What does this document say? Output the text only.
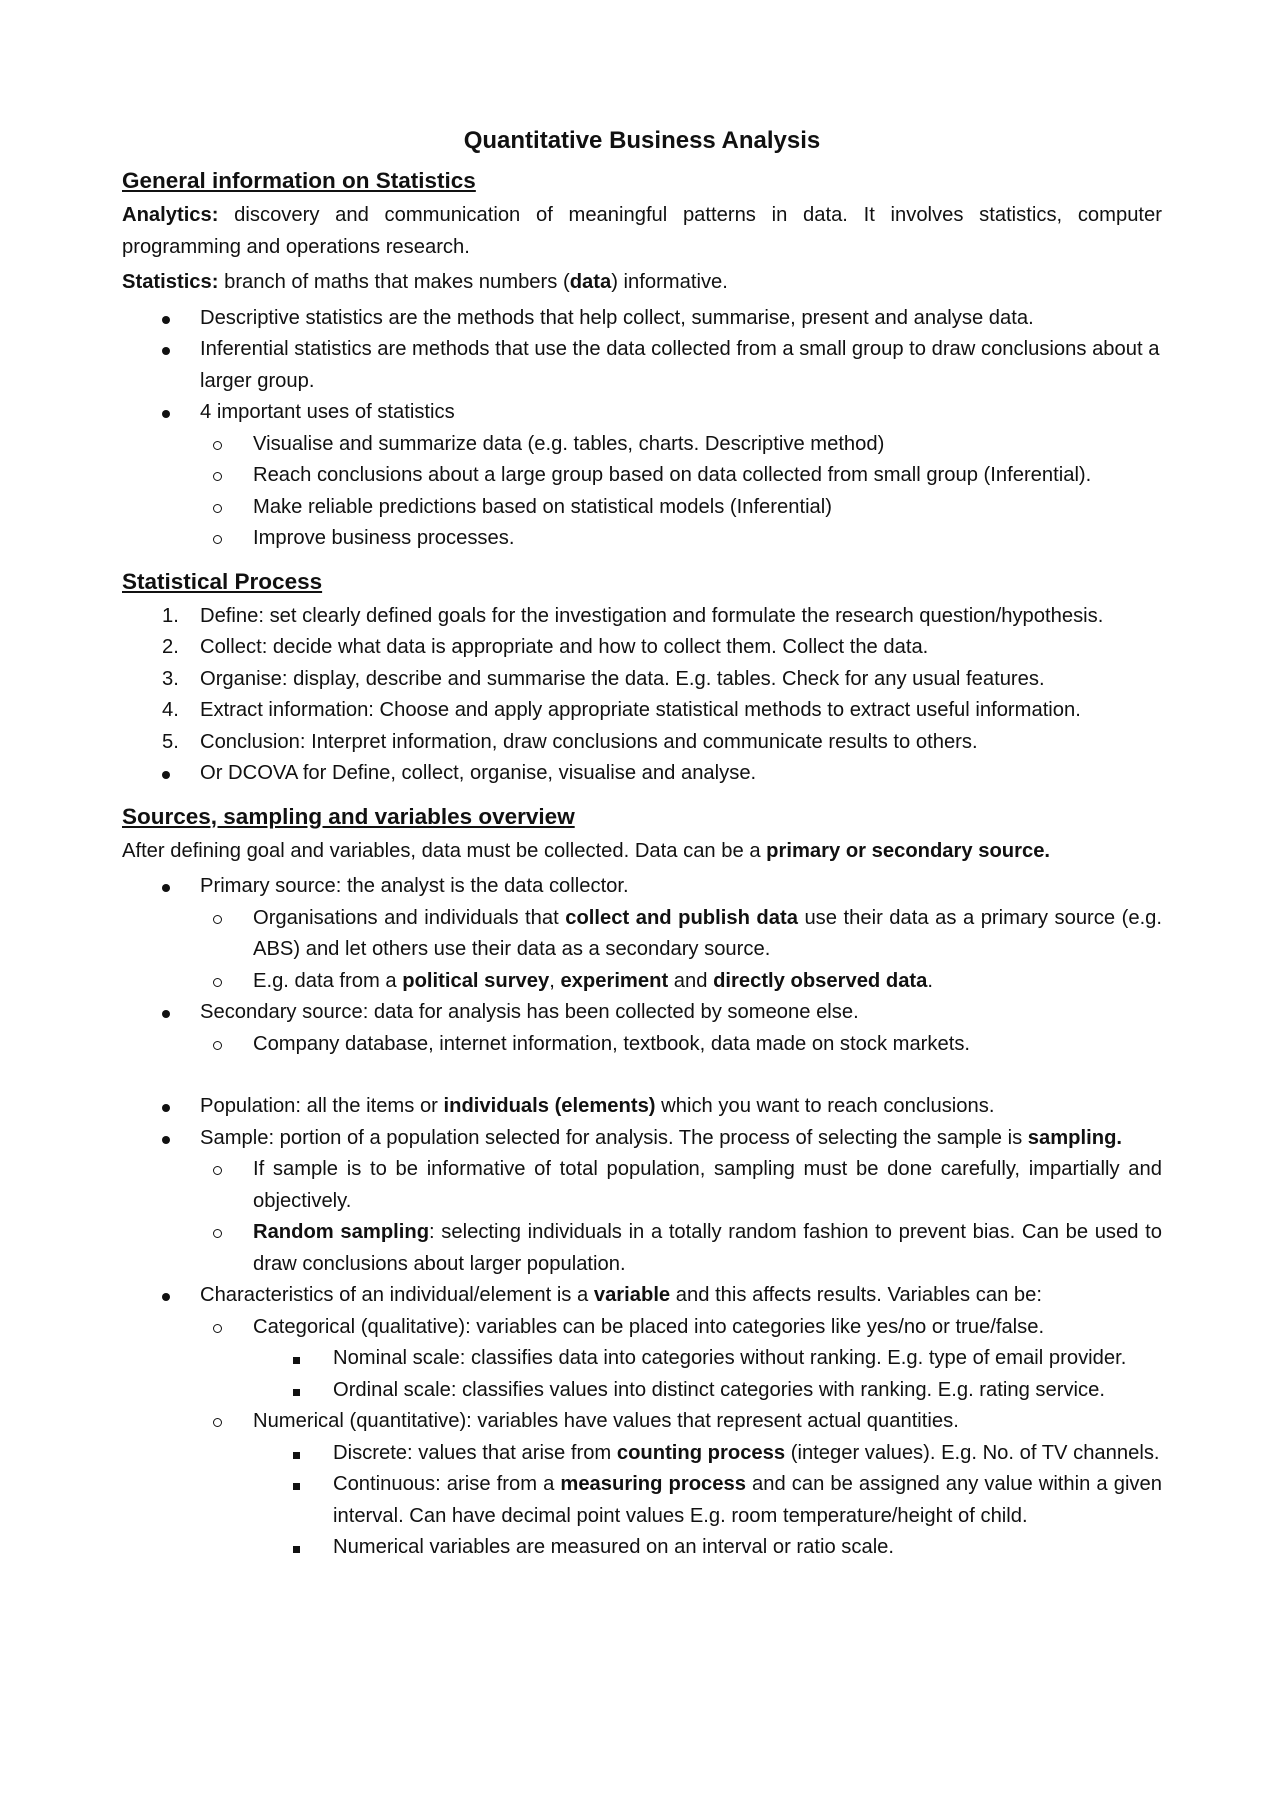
Quantitative Business Analysis
General information on Statistics

Analytics: discovery and communication of meaningful patterns in data. It involves statistics, computer programming and operations research.

Statistics: branch of maths that makes numbers (data) informative.

Descriptive statistics are the methods that help collect, summarise, present and analyse data.
Inferential statistics are methods that use the data collected from a small group to draw conclusions about a larger group.
4 important uses of statistics
Visualise and summarize data (e.g. tables, charts. Descriptive method)
Reach conclusions about a large group based on data collected from small group (Inferential).
Make reliable predictions based on statistical models (Inferential)
Improve business processes.
Statistical Process
1. Define: set clearly defined goals for the investigation and formulate the research question/hypothesis.
2. Collect: decide what data is appropriate and how to collect them. Collect the data.
3. Organise: display, describe and summarise the data. E.g. tables. Check for any usual features.
4. Extract information: Choose and apply appropriate statistical methods to extract useful information.
5. Conclusion: Interpret information, draw conclusions and communicate results to others.
Or DCOVA for Define, collect, organise, visualise and analyse.
Sources, sampling and variables overview

After defining goal and variables, data must be collected. Data can be a primary or secondary source.

Primary source: the analyst is the data collector.
Organisations and individuals that collect and publish data use their data as a primary source (e.g. ABS) and let others use their data as a secondary source.
E.g. data from a political survey, experiment and directly observed data.
Secondary source: data for analysis has been collected by someone else.
Company database, internet information, textbook, data made on stock markets.
Population: all the items or individuals (elements) which you want to reach conclusions.
Sample: portion of a population selected for analysis. The process of selecting the sample is sampling.
If sample is to be informative of total population, sampling must be done carefully, impartially and objectively.
Random sampling: selecting individuals in a totally random fashion to prevent bias. Can be used to draw conclusions about larger population.
Characteristics of an individual/element is a variable and this affects results. Variables can be:
Categorical (qualitative): variables can be placed into categories like yes/no or true/false.
Nominal scale: classifies data into categories without ranking. E.g. type of email provider.
Ordinal scale: classifies values into distinct categories with ranking. E.g. rating service.
Numerical (quantitative): variables have values that represent actual quantities.
Discrete: values that arise from counting process (integer values). E.g. No. of TV channels.
Continuous: arise from a measuring process and can be assigned any value within a given interval. Can have decimal point values E.g. room temperature/height of child.
Numerical variables are measured on an interval or ratio scale.
